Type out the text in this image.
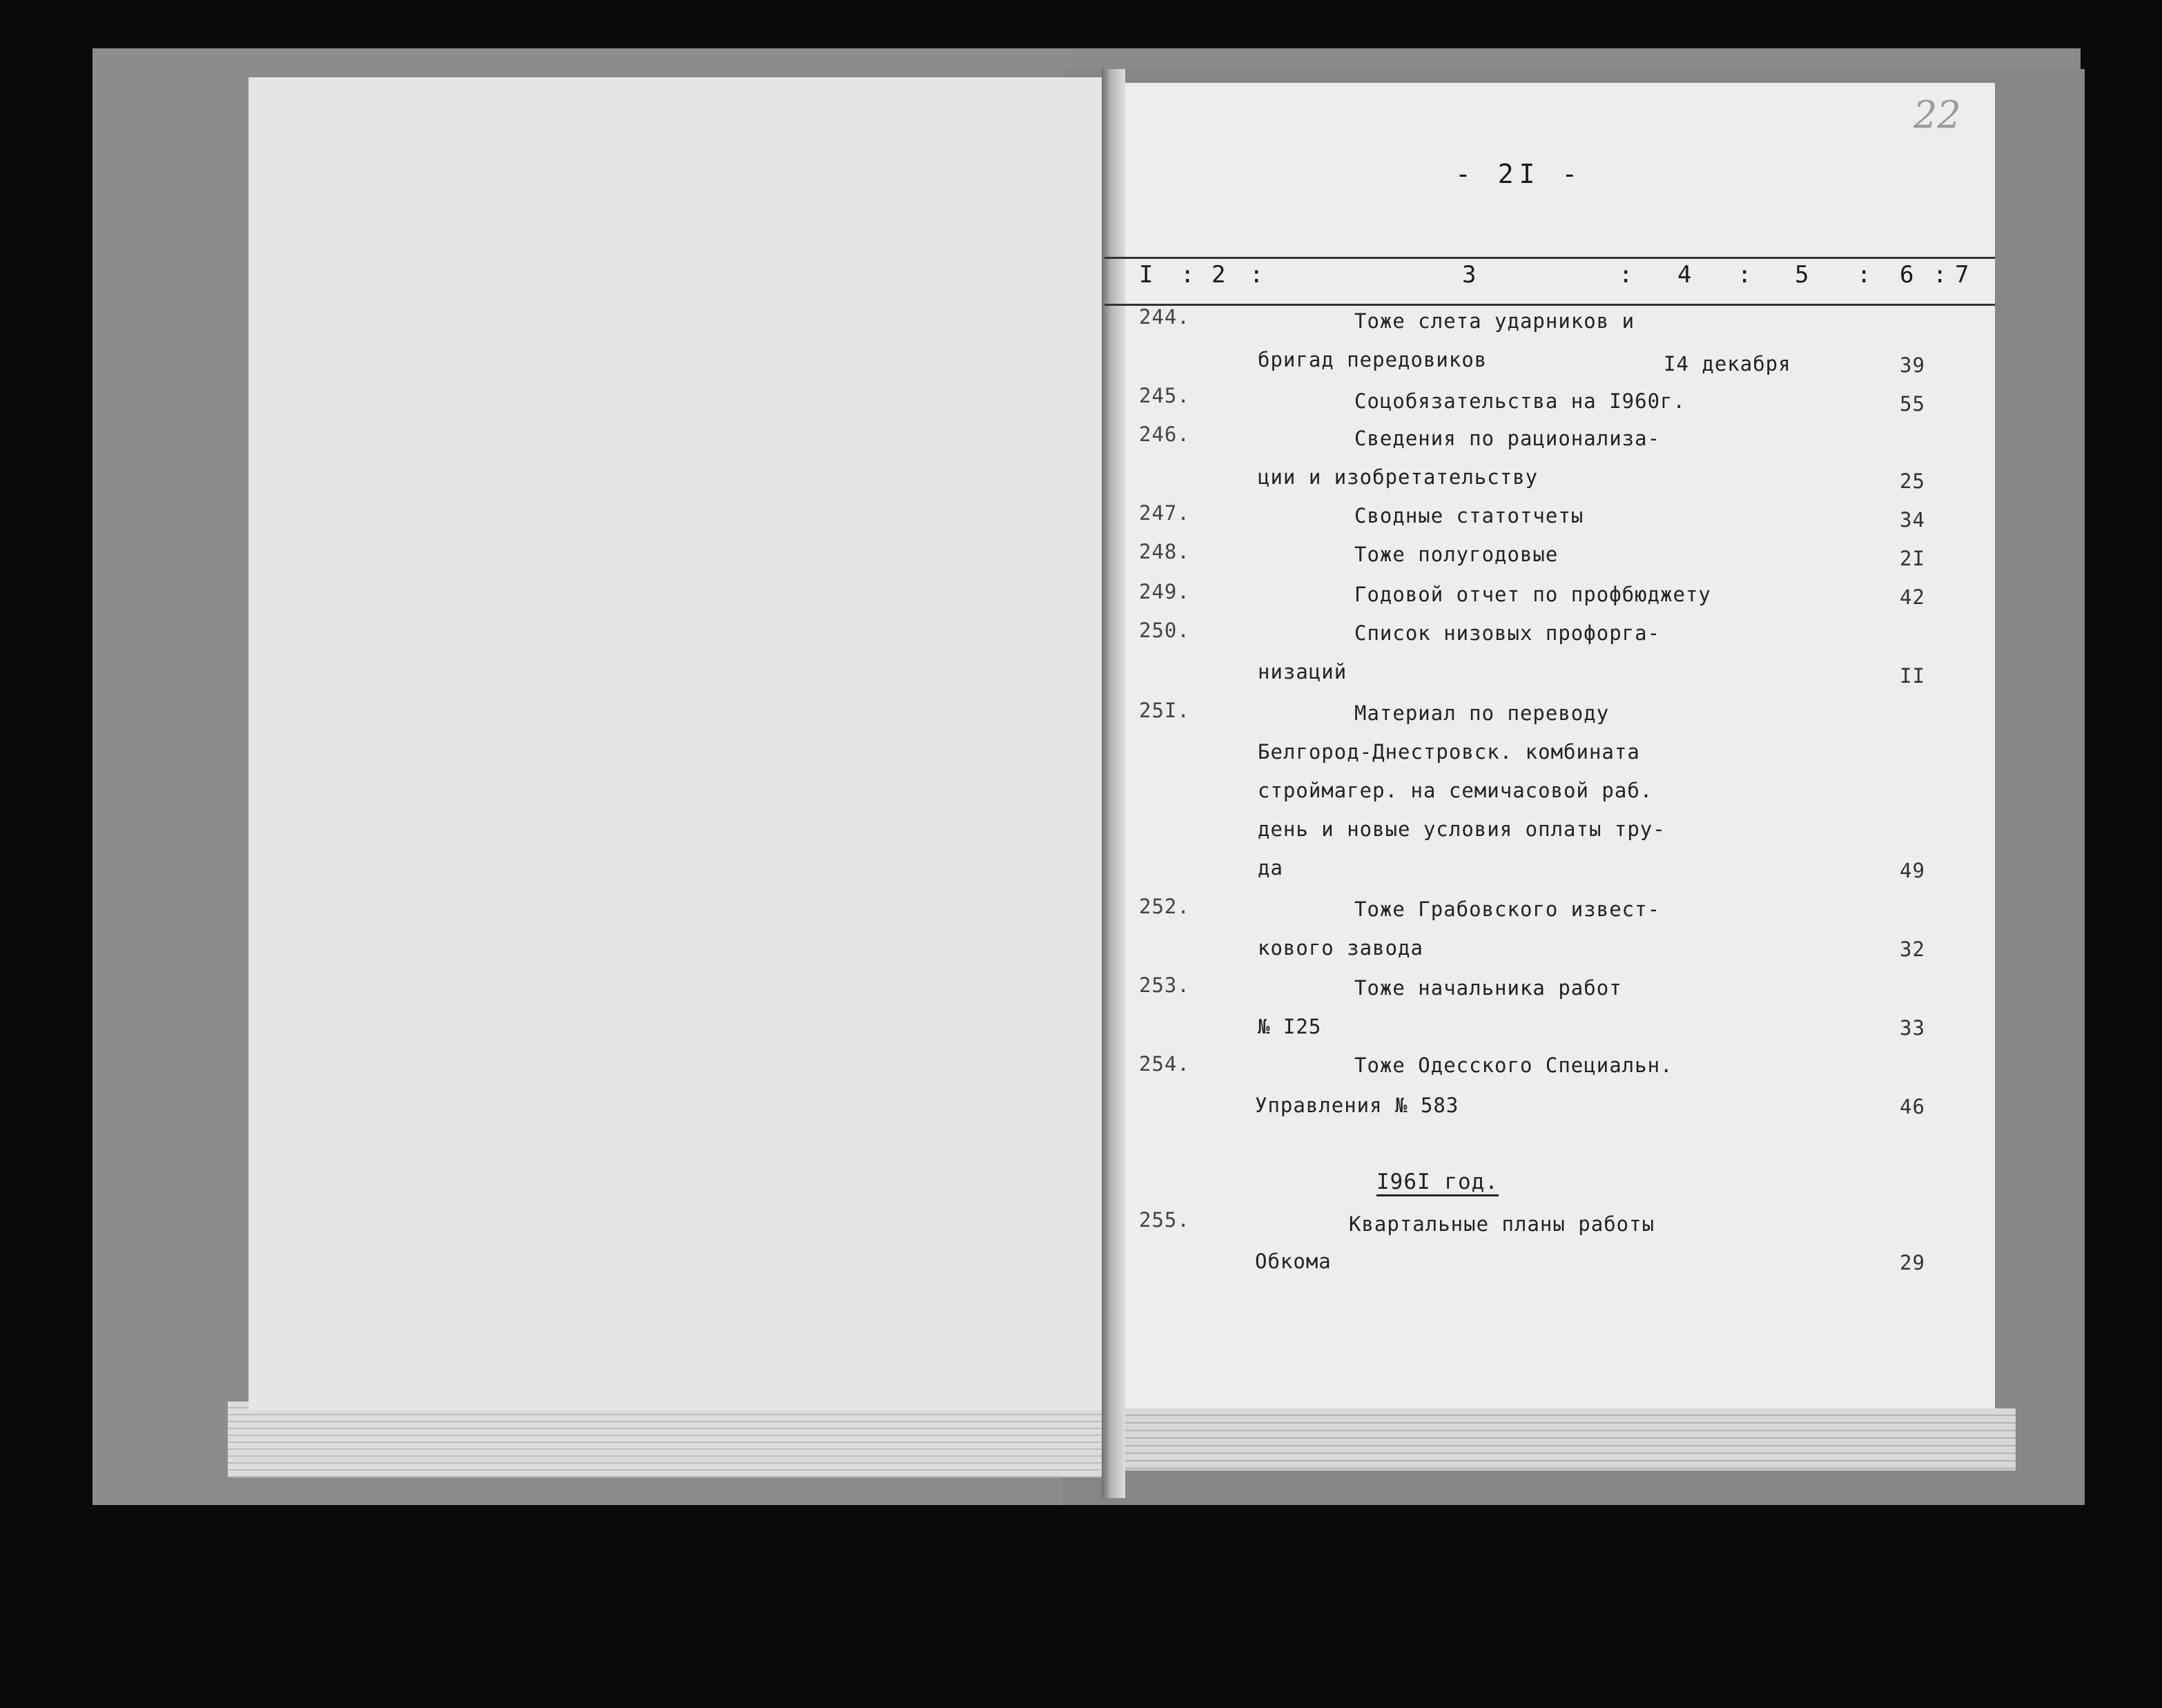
22
- 2I -
I : 2 :	3	: 4 : 5 : 6 : 7
244.	Тоже слета ударников и
бригад передовиков	I4 декабря	39
245.	Соцобязательства на I960г.	55
246.	Сведения по рационализа-
ции и изобретательству	25
247.	Сводные статотчеты	34
248.	Тоже полугодовые	2I
249.	Годовой отчет по профбюджету	42
250.	Список низовых профорга-
низаций	II
25I.	Материал по переводу
Белгород-Днестровск. комбината
строймагер. на семичасовой раб.
день и новые условия оплаты тру-
да	49
252.	Тоже Грабовского извест-
кового завода	32
253.	Тоже начальника работ
№ I25	33
254.	Тоже Одесского Специальн.
Управления № 583	46
I96I год.
255.	Квартальные планы работы
Обкома	29
